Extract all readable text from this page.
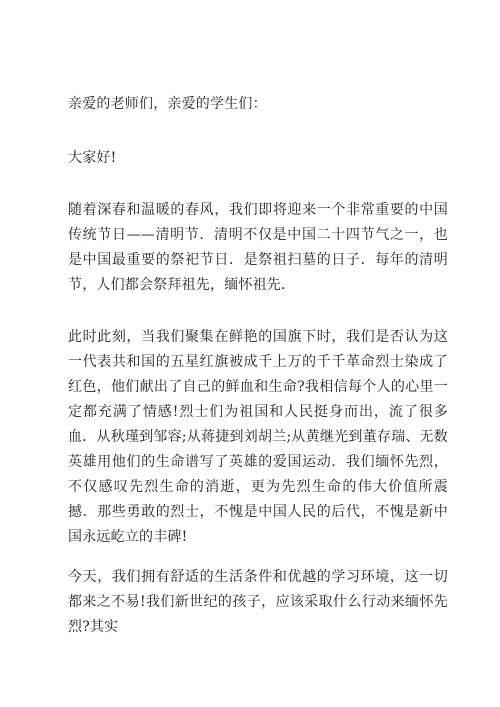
亲爱的老师们，亲爱的学生们：

大家好!

随着深春和温暖的春风，我们即将迎来一个非常重要的中国传统节日——清明节．清明不仅是中国二十四节气之一，也是中国最重要的祭祀节日．是祭祖扫墓的日子．每年的清明节，人们都会祭拜祖先，缅怀祖先．

此时此刻，当我们聚集在鲜艳的国旗下时，我们是否认为这一代表共和国的五星红旗被成千上万的千千革命烈士染成了红色，他们献出了自己的鲜血和生命?我相信每个人的心里一定都充满了情感!烈士们为祖国和人民挺身而出，流了很多血．从秋瑾到邹容;从蒋捷到刘胡兰;从黄继光到董存瑞、无数英雄用他们的生命谱写了英雄的爱国运动．我们缅怀先烈，不仅感叹先烈生命的消逝，更为先烈生命的伟大价值所震撼．那些勇敢的烈士，不愧是中国人民的后代，不愧是新中国永远屹立的丰碑!

今天，我们拥有舒适的生活条件和优越的学习环境，这一切都来之不易!我们新世纪的孩子，应该采取什么行动来缅怀先烈?其实
